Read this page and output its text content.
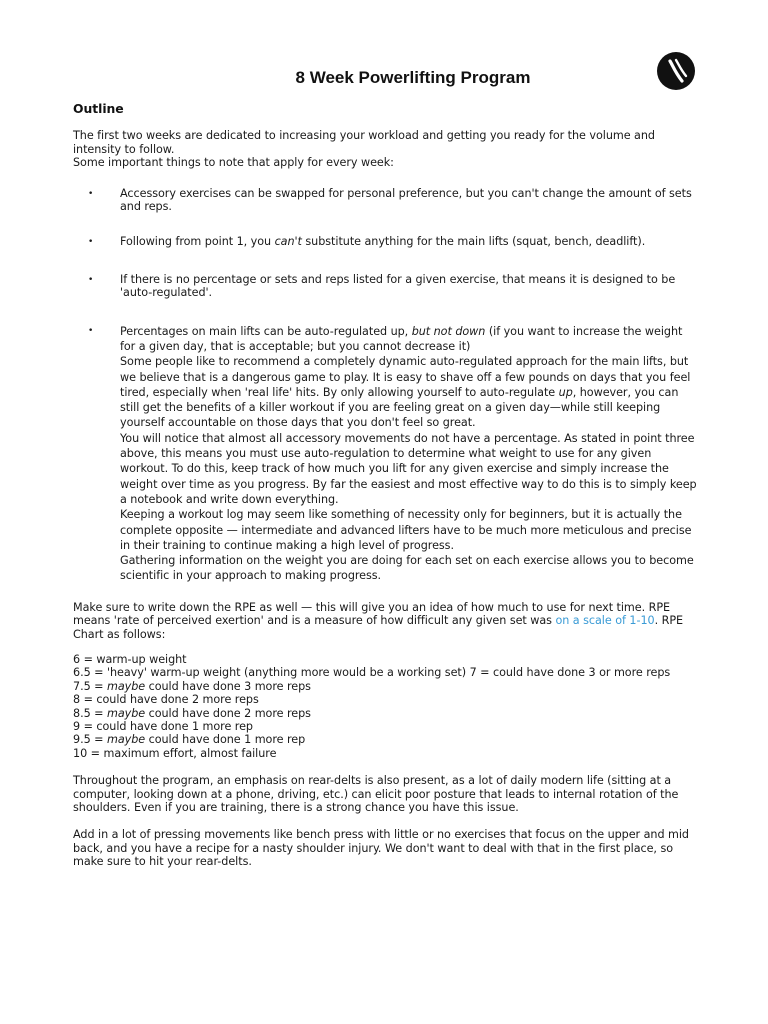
8 Week Powerlifting Program

Outline

The first two weeks are dedicated to increasing your workload and getting you ready for the volume and intensity to follow.

Some important things to note that apply for every week:

• Accessory exercises can be swapped for personal preference, but you can't change the amount of sets and reps.
• Following from point 1, you can't substitute anything for the main lifts (squat, bench, deadlift).
• If there is no percentage or sets and reps listed for a given exercise, that means it is designed to be 'auto-regulated'.
• Percentages on main lifts can be auto-regulated up, but not down (if you want to increase the weight for a given day, that is acceptable; but you cannot decrease it)
Some people like to recommend a completely dynamic auto-regulated approach for the main lifts, but we believe that is a dangerous game to play. It is easy to shave off a few pounds on days that you feel tired, especially when 'real life' hits. By only allowing yourself to auto-regulate up, however, you can still get the benefits of a killer workout if you are feeling great on a given day—while still keeping yourself accountable on those days that you don't feel so great.
You will notice that almost all accessory movements do not have a percentage. As stated in point three above, this means you must use auto-regulation to determine what weight to use for any given workout. To do this, keep track of how much you lift for any given exercise and simply increase the weight over time as you progress. By far the easiest and most effective way to do this is to simply keep a notebook and write down everything.
Keeping a workout log may seem like something of necessity only for beginners, but it is actually the complete opposite — intermediate and advanced lifters have to be much more meticulous and precise in their training to continue making a high level of progress.
Gathering information on the weight you are doing for each set on each exercise allows you to become scientific in your approach to making progress.

Make sure to write down the RPE as well — this will give you an idea of how much to use for next time. RPE means 'rate of perceived exertion' and is a measure of how difficult any given set was on a scale of 1-10. RPE Chart as follows:

6 = warm-up weight
6.5 = 'heavy' warm-up weight (anything more would be a working set) 7 = could have done 3 or more reps
7.5 = maybe could have done 3 more reps
8 = could have done 2 more reps
8.5 = maybe could have done 2 more reps
9 = could have done 1 more rep
9.5 = maybe could have done 1 more rep
10 = maximum effort, almost failure

Throughout the program, an emphasis on rear-delts is also present, as a lot of daily modern life (sitting at a computer, looking down at a phone, driving, etc.) can elicit poor posture that leads to internal rotation of the shoulders. Even if you are training, there is a strong chance you have this issue.

Add in a lot of pressing movements like bench press with little or no exercises that focus on the upper and mid back, and you have a recipe for a nasty shoulder injury. We don't want to deal with that in the first place, so make sure to hit your rear-delts.
